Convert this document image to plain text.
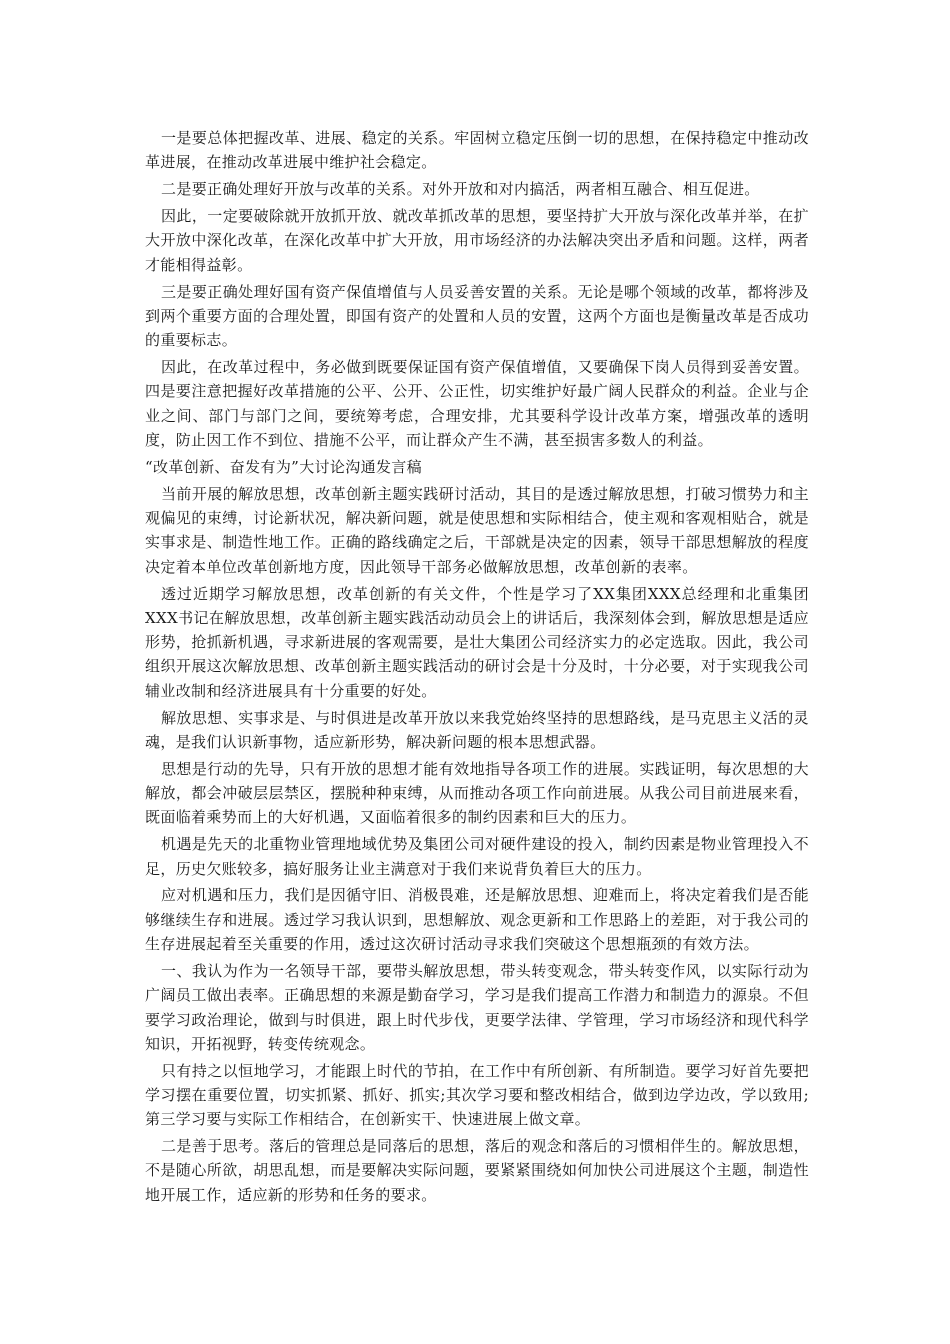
一是要总体把握改革、进展、稳定的关系。牢固树立稳定压倒一切的思想，在保持稳定中推动改革进展，在推动改革进展中维护社会稳定。

二是要正确处理好开放与改革的关系。对外开放和对内搞活，两者相互融合、相互促进。

因此，一定要破除就开放抓开放、就改革抓改革的思想，要坚持扩大开放与深化改革并举，在扩大开放中深化改革，在深化改革中扩大开放，用市场经济的办法解决突出矛盾和问题。这样，两者才能相得益彰。

三是要正确处理好国有资产保值增值与人员妥善安置的关系。无论是哪个领域的改革，都将涉及到两个重要方面的合理处置，即国有资产的处置和人员的安置，这两个方面也是衡量改革是否成功的重要标志。

因此，在改革过程中，务必做到既要保证国有资产保值增值，又要确保下岗人员得到妥善安置。四是要注意把握好改革措施的公平、公开、公正性，切实维护好最广阔人民群众的利益。企业与企业之间、部门与部门之间，要统筹考虑，合理安排，尤其要科学设计改革方案，增强改革的透明度，防止因工作不到位、措施不公平，而让群众产生不满，甚至损害多数人的利益。

“改革创新、奋发有为”大讨论沟通发言稿

当前开展的解放思想，改革创新主题实践研讨活动，其目的是透过解放思想，打破习惯势力和主观偏见的束缚，讨论新状况，解决新问题，就是使思想和实际相结合，使主观和客观相贴合，就是实事求是、制造性地工作。正确的路线确定之后，干部就是决定的因素，领导干部思想解放的程度决定着本单位改革创新地方度，因此领导干部务必做解放思想，改革创新的表率。

透过近期学习解放思想，改革创新的有关文件，个性是学习了XX集团XXX总经理和北重集团XXX书记在解放思想，改革创新主题实践活动动员会上的讲话后，我深刻体会到，解放思想是适应形势，抢抓新机遇，寻求新进展的客观需要，是壮大集团公司经济实力的必定选取。因此，我公司组织开展这次解放思想、改革创新主题实践活动的研讨会是十分及时，十分必要，对于实现我公司辅业改制和经济进展具有十分重要的好处。

解放思想、实事求是、与时俱进是改革开放以来我党始终坚持的思想路线，是马克思主义活的灵魂，是我们认识新事物，适应新形势，解决新问题的根本思想武器。

思想是行动的先导，只有开放的思想才能有效地指导各项工作的进展。实践证明，每次思想的大解放，都会冲破层层禁区，摆脱种种束缚，从而推动各项工作向前进展。从我公司目前进展来看，既面临着乘势而上的大好机遇，又面临着很多的制约因素和巨大的压力。

机遇是先天的北重物业管理地域优势及集团公司对硬件建设的投入，制约因素是物业管理投入不足，历史欠账较多，搞好服务让业主满意对于我们来说背负着巨大的压力。

应对机遇和压力，我们是因循守旧、消极畏难，还是解放思想、迎难而上，将决定着我们是否能够继续生存和进展。透过学习我认识到，思想解放、观念更新和工作思路上的差距，对于我公司的生存进展起着至关重要的作用，透过这次研讨活动寻求我们突破这个思想瓶颈的有效方法。

一、我认为作为一名领导干部，要带头解放思想，带头转变观念，带头转变作风，以实际行动为广阔员工做出表率。正确思想的来源是勤奋学习，学习是我们提高工作潜力和制造力的源泉。不但要学习政治理论，做到与时俱进，跟上时代步伐，更要学法律、学管理，学习市场经济和现代科学知识，开拓视野，转变传统观念。

只有持之以恒地学习，才能跟上时代的节拍，在工作中有所创新、有所制造。要学习好首先要把学习摆在重要位置，切实抓紧、抓好、抓实;其次学习要和整改相结合，做到边学边改，学以致用;第三学习要与实际工作相结合，在创新实干、快速进展上做文章。

二是善于思考。落后的管理总是同落后的思想，落后的观念和落后的习惯相伴生的。解放思想，不是随心所欲，胡思乱想，而是要解决实际问题，要紧紧围绕如何加快公司进展这个主题，制造性地开展工作，适应新的形势和任务的要求。
